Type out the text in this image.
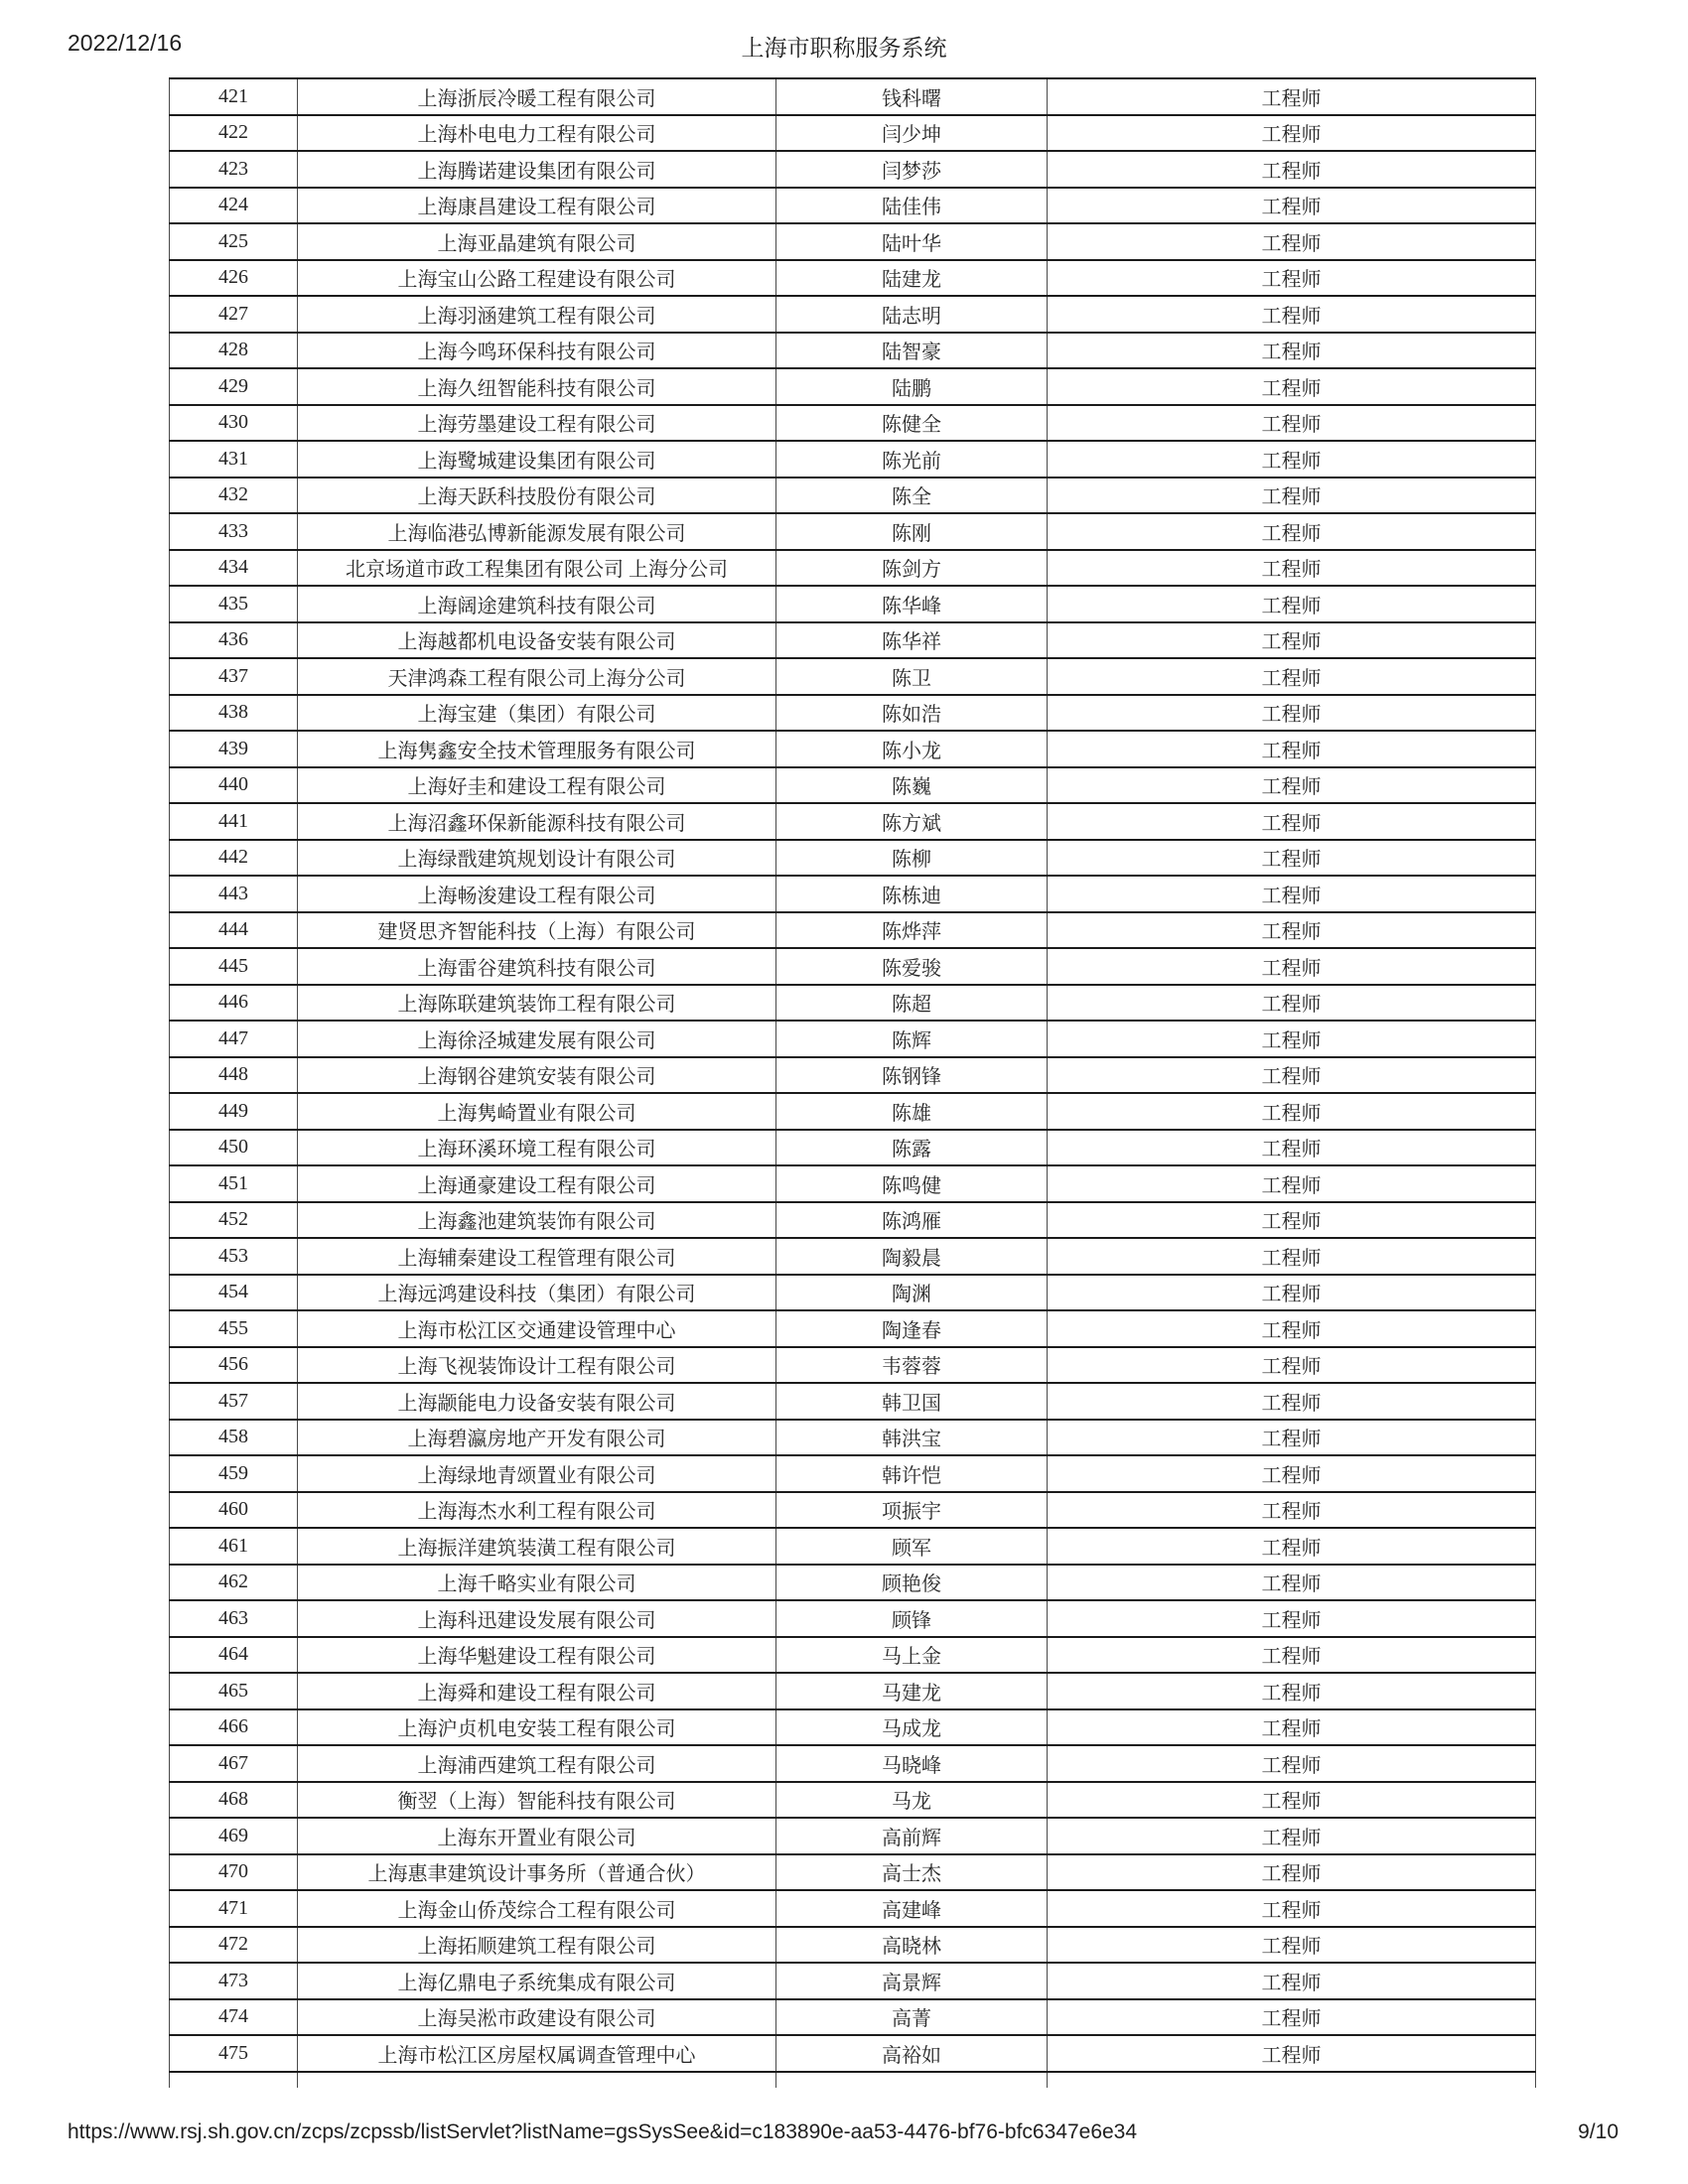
2022/12/16	上海市职称服务系统
421	上海浙辰冷暖工程有限公司	钱科曙	工程师
422	上海朴电电力工程有限公司	闫少坤	工程师
423	上海腾诺建设集团有限公司	闫梦莎	工程师
424	上海康昌建设工程有限公司	陆佳伟	工程师
425	上海亚晶建筑有限公司	陆叶华	工程师
426	上海宝山公路工程建设有限公司	陆建龙	工程师
427	上海羽涵建筑工程有限公司	陆志明	工程师
428	上海今鸣环保科技有限公司	陆智豪	工程师
429	上海久纽智能科技有限公司	陆鹏	工程师
430	上海劳墨建设工程有限公司	陈健全	工程师
431	上海鹭城建设集团有限公司	陈光前	工程师
432	上海天跃科技股份有限公司	陈全	工程师
433	上海临港弘博新能源发展有限公司	陈刚	工程师
434	北京场道市政工程集团有限公司 上海分公司	陈剑方	工程师
435	上海阔途建筑科技有限公司	陈华峰	工程师
436	上海越都机电设备安装有限公司	陈华祥	工程师
437	天津鸿森工程有限公司上海分公司	陈卫	工程师
438	上海宝建（集团）有限公司	陈如浩	工程师
439	上海隽鑫安全技术管理服务有限公司	陈小龙	工程师
440	上海好圭和建设工程有限公司	陈巍	工程师
441	上海沼鑫环保新能源科技有限公司	陈方斌	工程师
442	上海绿戬建筑规划设计有限公司	陈柳	工程师
443	上海畅浚建设工程有限公司	陈栋迪	工程师
444	建贤思齐智能科技（上海）有限公司	陈烨萍	工程师
445	上海雷谷建筑科技有限公司	陈爱骏	工程师
446	上海陈联建筑装饰工程有限公司	陈超	工程师
447	上海徐泾城建发展有限公司	陈辉	工程师
448	上海钢谷建筑安装有限公司	陈钢锋	工程师
449	上海隽崎置业有限公司	陈雄	工程师
450	上海环溪环境工程有限公司	陈露	工程师
451	上海通豪建设工程有限公司	陈鸣健	工程师
452	上海鑫池建筑装饰有限公司	陈鸿雁	工程师
453	上海辅秦建设工程管理有限公司	陶毅晨	工程师
454	上海远鸿建设科技（集团）有限公司	陶渊	工程师
455	上海市松江区交通建设管理中心	陶逢春	工程师
456	上海飞视装饰设计工程有限公司	韦蓉蓉	工程师
457	上海颛能电力设备安装有限公司	韩卫国	工程师
458	上海碧瀛房地产开发有限公司	韩洪宝	工程师
459	上海绿地青颂置业有限公司	韩许恺	工程师
460	上海海杰水利工程有限公司	项振宇	工程师
461	上海振洋建筑装潢工程有限公司	顾军	工程师
462	上海千略实业有限公司	顾艳俊	工程师
463	上海科迅建设发展有限公司	顾锋	工程师
464	上海华魁建设工程有限公司	马上金	工程师
465	上海舜和建设工程有限公司	马建龙	工程师
466	上海沪贞机电安装工程有限公司	马成龙	工程师
467	上海浦西建筑工程有限公司	马晓峰	工程师
468	衡翌（上海）智能科技有限公司	马龙	工程师
469	上海东开置业有限公司	高前辉	工程师
470	上海惠聿建筑设计事务所（普通合伙）	高士杰	工程师
471	上海金山侨茂综合工程有限公司	高建峰	工程师
472	上海拓顺建筑工程有限公司	高晓林	工程师
473	上海亿鼎电子系统集成有限公司	高景辉	工程师
474	上海吴淞市政建设有限公司	高菁	工程师
475	上海市松江区房屋权属调查管理中心	高裕如	工程师

https://www.rsj.sh.gov.cn/zcps/zcpssb/listServlet?listName=gsSysSee&id=c183890e-aa53-4476-bf76-bfc6347e6e34	9/10
